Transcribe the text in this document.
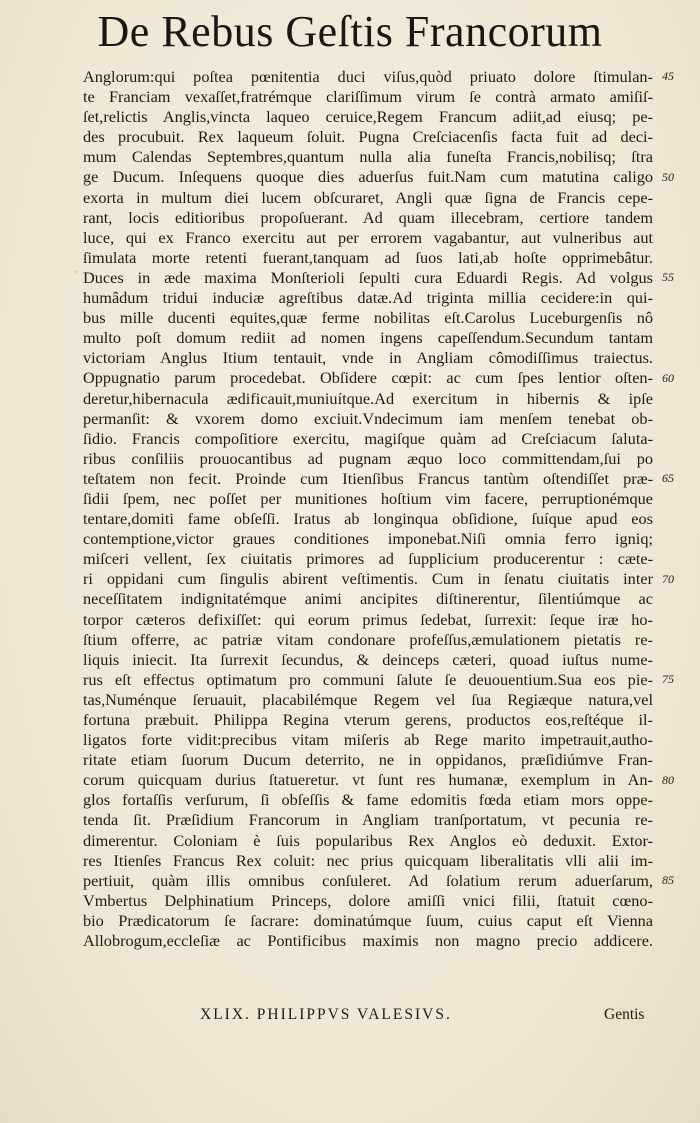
De Rebus Geſtis Francorum
·
Anglorum:qui poſtea pœnitentia duci viſus,quòd priuato dolore ſtimulan-
te Franciam vexaſſet,fratrémque clariſſimum virum ſe contrà armato amiſiſ-
ſet,relictis Anglis,vincta laqueo ceruice,Regem Francum adiit,ad eiusq; pe-
des procubuit. Rex laqueum ſoluit. Pugna Creſciacenſis facta fuit ad deci-
mum Calendas Septembres,quantum nulla alia funeſta Francis,nobilisq; ſtra
ge Ducum. Inſequens quoque dies aduerſus fuit.Nam cum matutina caligo
exorta in multum diei lucem obſcuraret, Angli quæ ſigna de Francis cepe-
rant, locis editioribus propoſuerant. Ad quam illecebram, certiore tandem
luce, qui ex Franco exercitu aut per errorem vagabantur, aut vulneribus aut
ſimulata morte retenti fuerant,tanquam ad ſuos lati,ab hoſte opprimebâtur.
Duces in æde maxima Monſterioli ſepulti cura Eduardi Regis. Ad volgus
humâdum tridui induciæ agreſtibus datæ.Ad triginta millia cecidere:in qui-
bus mille ducenti equites,quæ ferme nobilitas eſt.Carolus Luceburgenſis nô
multo poſt domum rediit ad nomen ingens capeſſendum.Secundum tantam
victoriam Anglus Itium tentauit, vnde in Angliam cômodiſſimus traiectus.
Oppugnatio parum procedebat. Obſidere cœpit: ac cum ſpes lentior oſten-
deretur,hibernacula ædificauit,muniuítque.Ad exercitum in hibernis & ipſe
permanſit: & vxorem domo exciuit.Vndecimum iam menſem tenebat ob-
ſidio. Francis compoſitiore exercitu, magiſque quàm ad Creſciacum ſaluta-
ribus conſiliis prouocantibus ad pugnam æquo loco committendam,ſui po
teſtatem non fecit. Proinde cum Itienſibus Francus tantùm oſtendiſſet præ-
ſidii ſpem, nec poſſet per munitiones hoſtium vim facere, perruptionémque
tentare,domiti fame obſeſſi. Iratus ab longinqua obſidione, ſuíque apud eos
contemptione,victor graues conditiones imponebat.Niſi omnia ferro igniq;
miſceri vellent, ſex ciuitatis primores ad ſupplicium producerentur : cæte-
ri oppidani cum ſingulis abirent veſtimentis. Cum in ſenatu ciuitatis inter
neceſſitatem indignitatémque animi ancipites diſtinerentur, ſilentiúmque ac
torpor cæteros defixiſſet: qui eorum primus ſedebat, ſurrexit: ſeque iræ ho-
ſtium offerre, ac patriæ vitam condonare profeſſus,æmulationem pietatis re-
liquis iniecit. Ita ſurrexit ſecundus, & deinceps cæteri, quoad iuſtus nume-
rus eſt effectus optimatum pro communi ſalute ſe deuouentium.Sua eos pie-
tas,Numénque ſeruauit, placabilémque Regem vel ſua Regiæque natura,vel
fortuna præbuit. Philippa Regina vterum gerens, productos eos,reſtéque il-
ligatos forte vidit:precibus vitam miſeris ab Rege marito impetrauit,autho-
ritate etiam ſuorum Ducum deterrito, ne in oppidanos, præſidiúmve Fran-
corum quicquam durius ſtatueretur. vt ſunt res humanæ, exemplum in An-
glos fortaſſis verſurum, ſi obſeſſis & fame edomitis fœda etiam mors oppe-
tenda ſit. Præſidium Francorum in Angliam tranſportatum, vt pecunia re-
dimerentur. Coloniam è ſuis popularibus Rex Anglos eò deduxit. Extor-
res Itienſes Francus Rex coluit: nec prius quicquam liberalitatis vlli alii im-
pertiuit, quàm illis omnibus conſuleret. Ad ſolatium rerum aduerſarum,
Vmbertus Delphinatium Princeps, dolore amiſſi vnici filii, ſtatuit cœno-
bio Prædicatorum ſe ſacrare: dominatúmque ſuum, cuius caput eſt Vienna
Allobrogum,eccleſiæ ac Pontificibus maximis non magno precio addicere.
45
50
55
60
65
70
75
80
85
XLIX. PHILIPPVS VALESIVS.	Gentis
